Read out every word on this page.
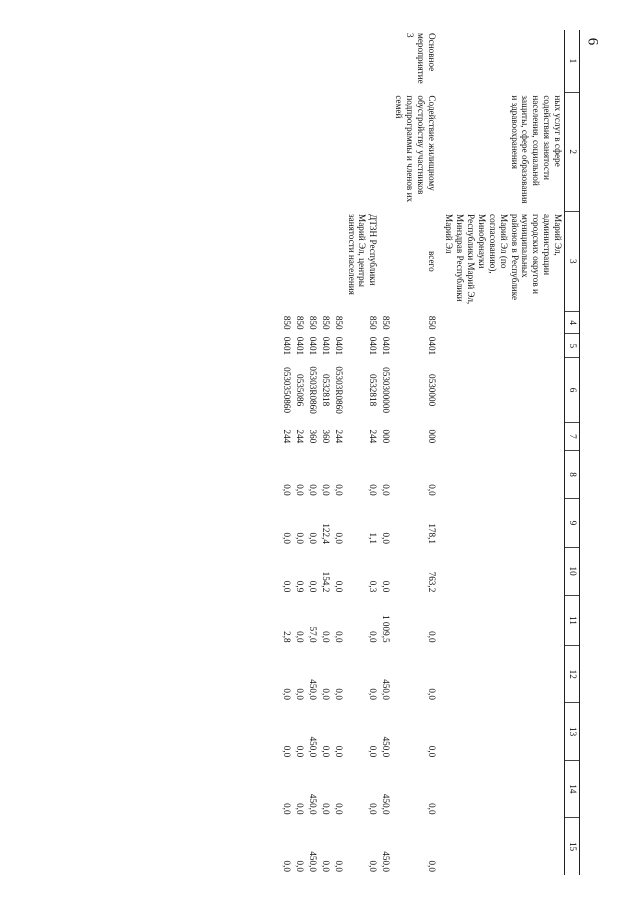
6
1	2	3	4	5	6	7	8	9	10	11	12	13	14	15
	ных услуг в сфере содействия занятости населения, социальной защиты, сфере образования и здравоохранения	Марий Эл, администрации городских округов и муниципальных районов в Республике Марий Эл (по согласованию), Минобрнауки Республики Марий Эл, Минздрав Республики Марий Эл												
Основное мероприятие 3	Содействие жилищному обустройству участников подпрограммы и членов их семей	всего	850	0401	0530000	000	0,0	178,1	763,2	0,0	0,0	0,0	0,0	0,0
			850	0401	0530300000	000	0,0	0,0	0,0	1 009,5	450,0	450,0	450,0	450,0
		ДТЗН Республики Марий Эл, центры занятости населения	850	0401	0532818	244	0,0	1,1	0,3	0,0	0,0	0,0	0,0	0,0
			850	0401	05303R0860	244	0,0	0,0	0,0	0,0	0,0	0,0	0,0	0,0
			850	0401	0532818	360	0,0	122,4	154,2	0,0	0,0	0,0	0,0	0,0
			850	0401	05303R0860	360	0,0	0,0	0,0	57,0	450,0	450,0	450,0	450,0
			850	0401	0535086	244	0,0	0,0	0,9	0,0	0,0	0,0	0,0	0,0
			850	0401	0530350860	244	0,0	0,0	0,0	2,8	0,0	0,0	0,0	0,0
